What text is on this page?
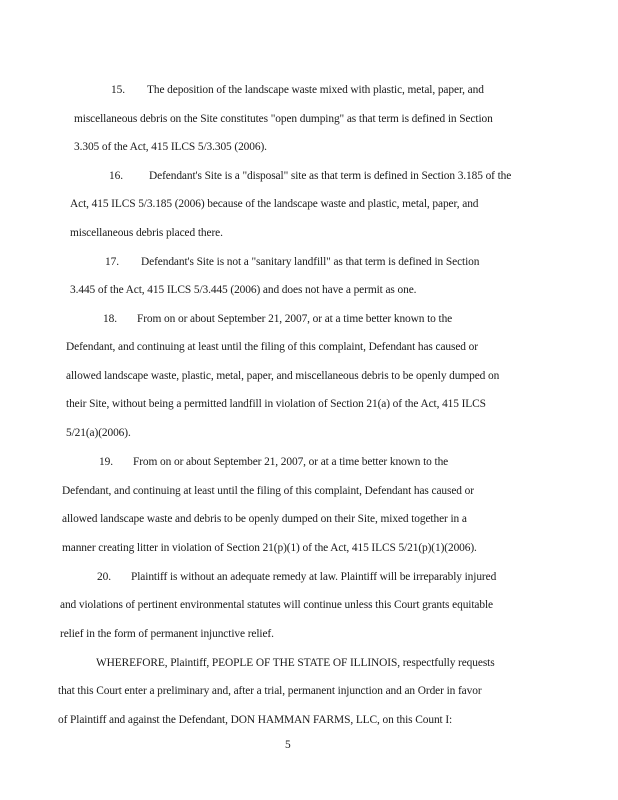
15. The deposition of the landscape waste mixed with plastic, metal, paper, and
miscellaneous debris on the Site constitutes "open dumping" as that term is defined in Section
3.305 of the Act, 415 ILCS 5/3.305 (2006).
16. Defendant's Site is a "disposal" site as that term is defined in Section 3.185 of the
Act, 415 ILCS 5/3.185 (2006) because of the landscape waste and plastic, metal, paper, and
miscellaneous debris placed there.
17. Defendant's Site is not a "sanitary landfill" as that term is defined in Section
3.445 of the Act, 415 ILCS 5/3.445 (2006) and does not have a permit as one.
18. From on or about September 21, 2007, or at a time better known to the
Defendant, and continuing at least until the filing of this complaint, Defendant has caused or
allowed landscape waste, plastic, metal, paper, and miscellaneous debris to be openly dumped on
their Site, without being a permitted landfill in violation of Section 21(a) of the Act, 415 ILCS
5/21(a)(2006).
19. From on or about September 21, 2007, or at a time better known to the
Defendant, and continuing at least until the filing of this complaint, Defendant has caused or
allowed landscape waste and debris to be openly dumped on their Site, mixed together in a
manner creating litter in violation of Section 21(p)(1) of the Act, 415 ILCS 5/21(p)(1)(2006).
20. Plaintiff is without an adequate remedy at law. Plaintiff will be irreparably injured
and violations of pertinent environmental statutes will continue unless this Court grants equitable
relief in the form of permanent injunctive relief.
WHEREFORE, Plaintiff, PEOPLE OF THE STATE OF ILLINOIS, respectfully requests
that this Court enter a preliminary and, after a trial, permanent injunction and an Order in favor
of Plaintiff and against the Defendant, DON HAMMAN FARMS, LLC, on this Count I:
5
